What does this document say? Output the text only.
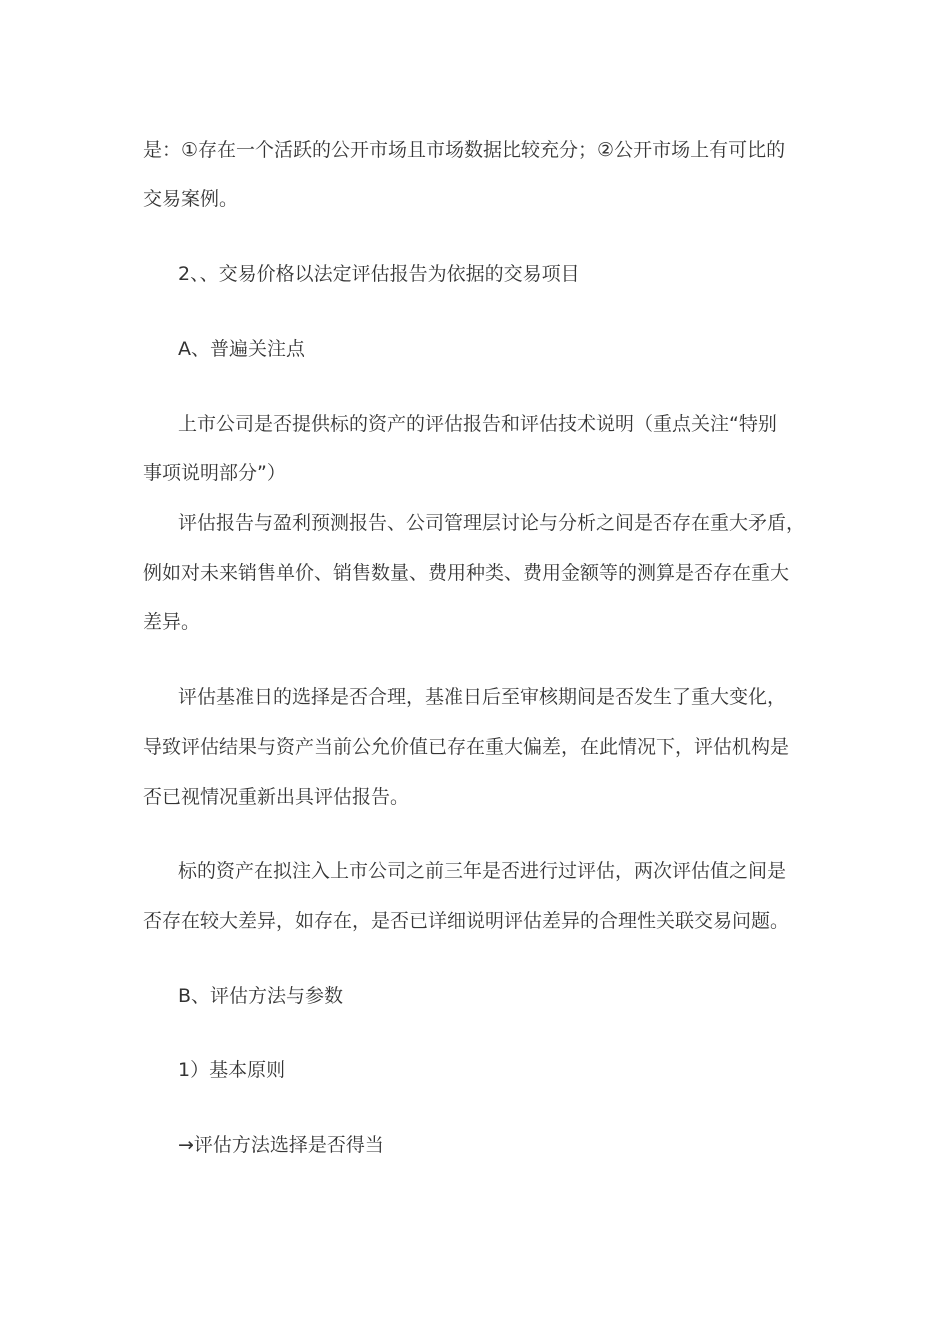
是：①存在一个活跃的公开市场且市场数据比较充分；②公开市场上有可比的
交易案例。
2、、交易价格以法定评估报告为依据的交易项目
A、普遍关注点
上市公司是否提供标的资产的评估报告和评估技术说明（重点关注“特别
事项说明部分”）
评估报告与盈利预测报告、公司管理层讨论与分析之间是否存在重大矛盾，
例如对未来销售单价、销售数量、费用种类、费用金额等的测算是否存在重大
差异。
评估基准日的选择是否合理，基准日后至审核期间是否发生了重大变化，
导致评估结果与资产当前公允价值已存在重大偏差，在此情况下，评估机构是
否已视情况重新出具评估报告。
标的资产在拟注入上市公司之前三年是否进行过评估，两次评估值之间是
否存在较大差异，如存在，是否已详细说明评估差异的合理性关联交易问题。
B、评估方法与参数
1）基本原则
→评估方法选择是否得当
